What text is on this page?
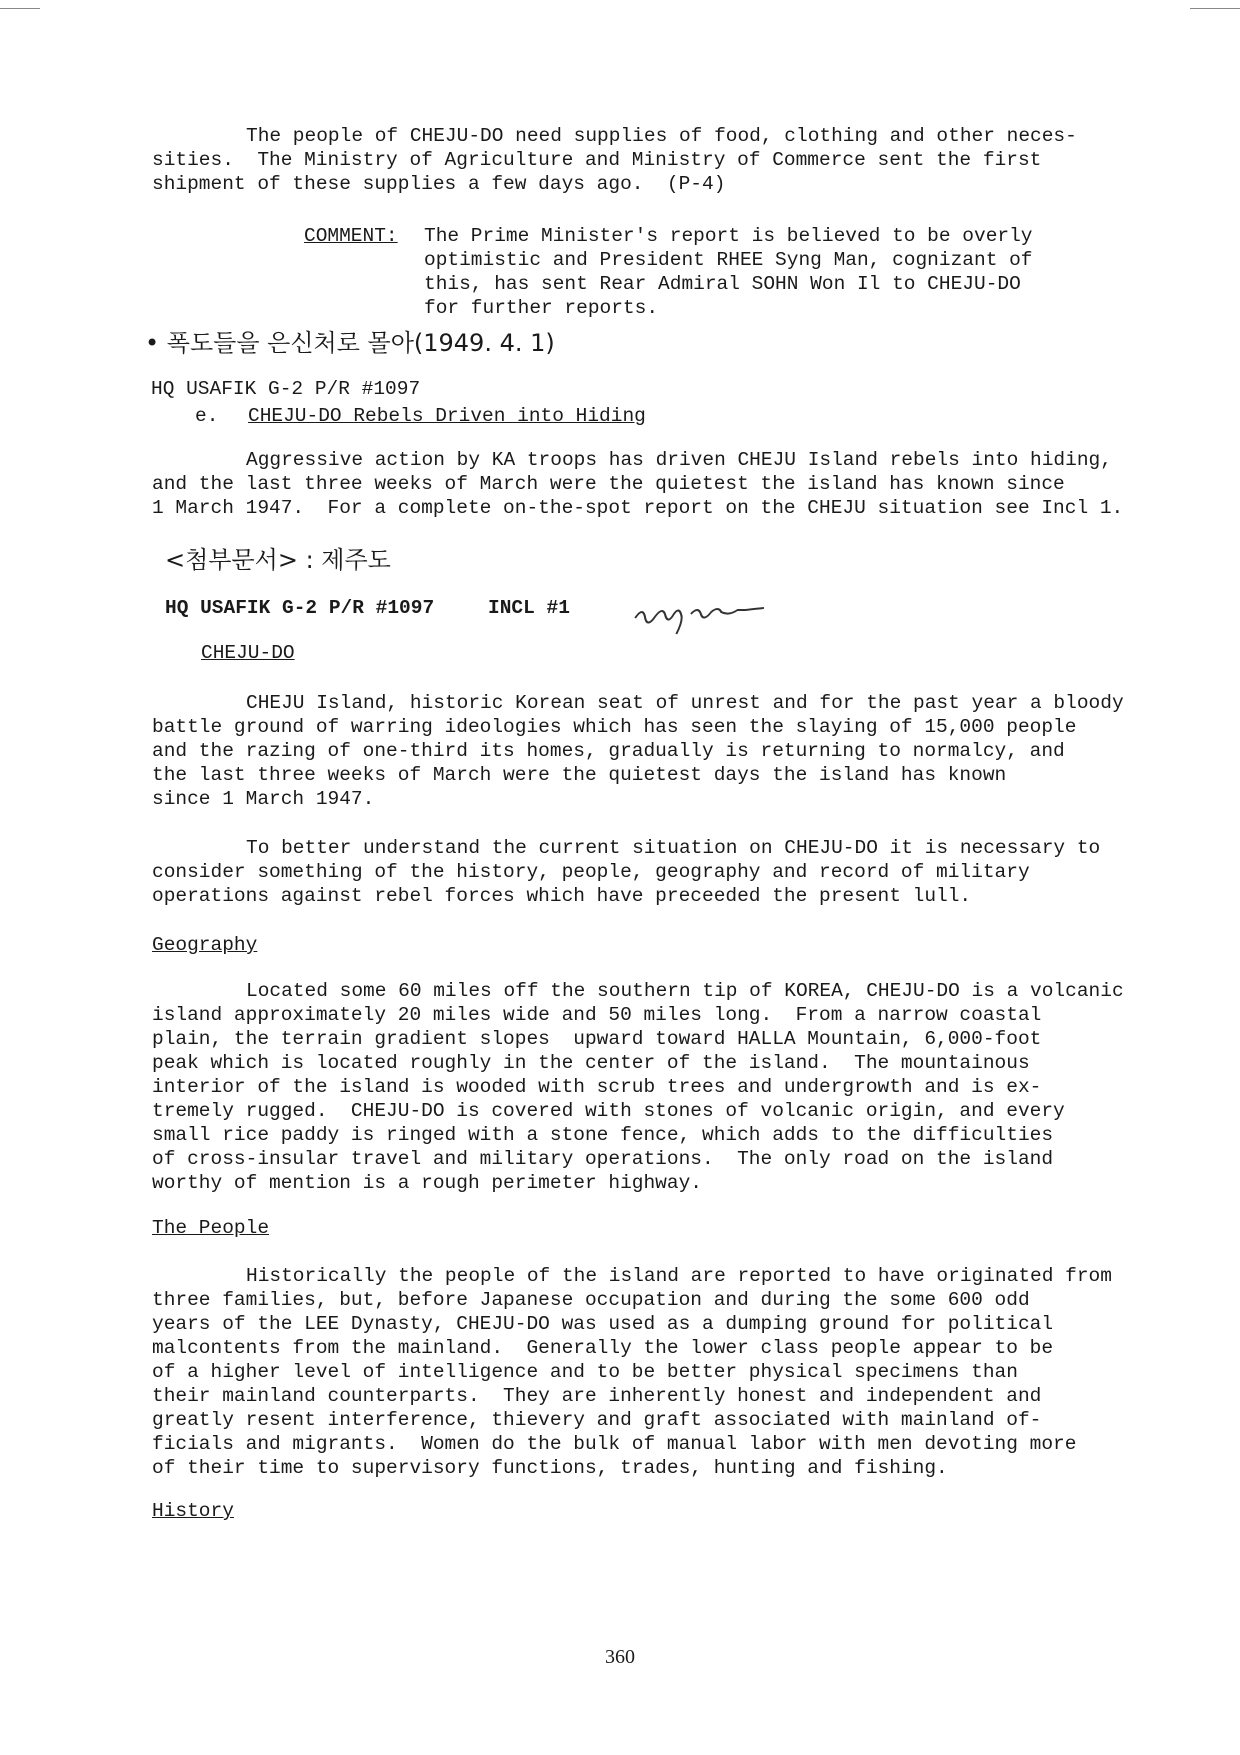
The people of CHEJU-DO need supplies of food, clothing and other neces-
sities.  The Ministry of Agriculture and Ministry of Commerce sent the first
shipment of these supplies a few days ago.  (P-4)
COMMENT: The Prime Minister's report is believed to be overly
optimistic and President RHEE Syng Man, cognizant of
this, has sent Rear Admiral SOHN Won Il to CHEJU-DO
for further reports.
• 폭도들을 은신처로 몰아(1949. 4. 1)
HQ USAFIK G-2 P/R #1097
e. CHEJU-DO Rebels Driven into Hiding
Aggressive action by KA troops has driven CHEJU Island rebels into hiding,
and the last three weeks of March were the quietest the island has known since
1 March 1947.  For a complete on-the-spot report on the CHEJU situation see Incl 1.
<첨부문서> : 제주도
HQ USAFIK G-2 P/R #1097	INCL #1
CHEJU-DO
CHEJU Island, historic Korean seat of unrest and for the past year a bloody
battle ground of warring ideologies which has seen the slaying of 15,000 people
and the razing of one-third its homes, gradually is returning to normalcy, and
the last three weeks of March were the quietest days the island has known
since 1 March 1947.
To better understand the current situation on CHEJU-DO it is necessary to
consider something of the history, people, geography and record of military
operations against rebel forces which have preceeded the present lull.
Geography
Located some 60 miles off the southern tip of KOREA, CHEJU-DO is a volcanic
island approximately 20 miles wide and 50 miles long.  From a narrow coastal
plain, the terrain gradient slopes  upward toward HALLA Mountain, 6,000-foot
peak which is located roughly in the center of the island.  The mountainous
interior of the island is wooded with scrub trees and undergrowth and is ex-
tremely rugged.  CHEJU-DO is covered with stones of volcanic origin, and every
small rice paddy is ringed with a stone fence, which adds to the difficulties
of cross-insular travel and military operations.  The only road on the island
worthy of mention is a rough perimeter highway.
The People
Historically the people of the island are reported to have originated from
three families, but, before Japanese occupation and during the some 600 odd
years of the LEE Dynasty, CHEJU-DO was used as a dumping ground for political
malcontents from the mainland.  Generally the lower class people appear to be
of a higher level of intelligence and to be better physical specimens than
their mainland counterparts.  They are inherently honest and independent and
greatly resent interference, thievery and graft associated with mainland of-
ficials and migrants.  Women do the bulk of manual labor with men devoting more
of their time to supervisory functions, trades, hunting and fishing.
History
360
